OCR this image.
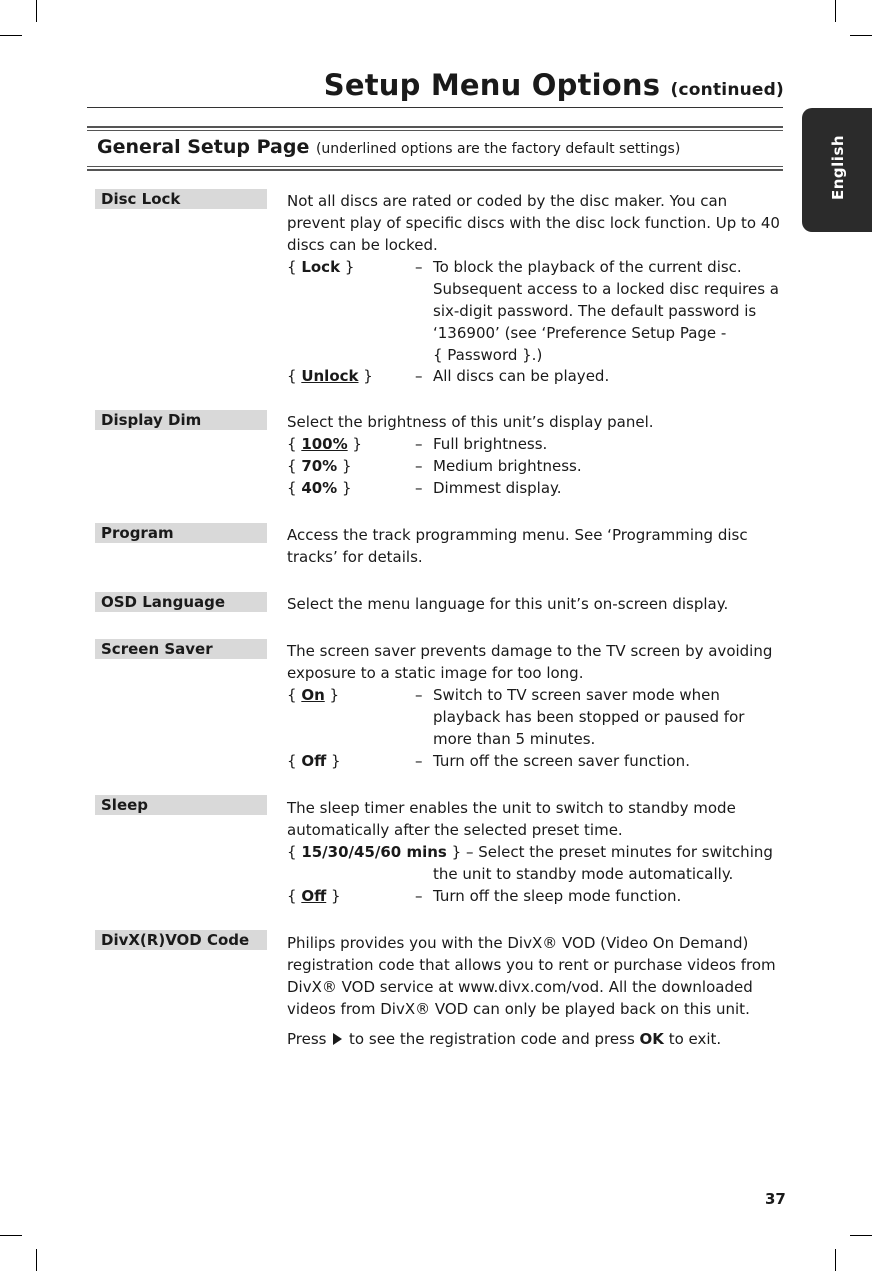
Setup Menu Options (continued)
English
General Setup Page (underlined options are the factory default settings)
Disc Lock	Not all discs are rated or coded by the disc maker. You can
prevent play of specific discs with the disc lock function. Up to 40
discs can be locked.
{ Lock }	– To block the playback of the current disc.
Subsequent access to a locked disc requires a
six-digit password. The default password is
‘136900’ (see ‘Preference Setup Page -
{ Password }.)
{ Unlock }	– All discs can be played.
Display Dim	Select the brightness of this unit’s display panel.
{ 100% }	– Full brightness.
{ 70% }	– Medium brightness.
{ 40% }	– Dimmest display.
Program	Access the track programming menu. See ‘Programming disc
tracks’ for details.
OSD Language	Select the menu language for this unit’s on-screen display.
Screen Saver	The screen saver prevents damage to the TV screen by avoiding
exposure to a static image for too long.
{ On }	– Switch to TV screen saver mode when
playback has been stopped or paused for
more than 5 minutes.
{ Off }	– Turn off the screen saver function.
Sleep	The sleep timer enables the unit to switch to standby mode
automatically after the selected preset time.
{ 15/30/45/60 mins } – Select the preset minutes for switching
the unit to standby mode automatically.
{ Off }	– Turn off the sleep mode function.
DivX(R)VOD Code	Philips provides you with the DivX® VOD (Video On Demand)
registration code that allows you to rent or purchase videos from
DivX® VOD service at www.divx.com/vod. All the downloaded
videos from DivX® VOD can only be played back on this unit.
Press to see the registration code and press OK to exit.
37
